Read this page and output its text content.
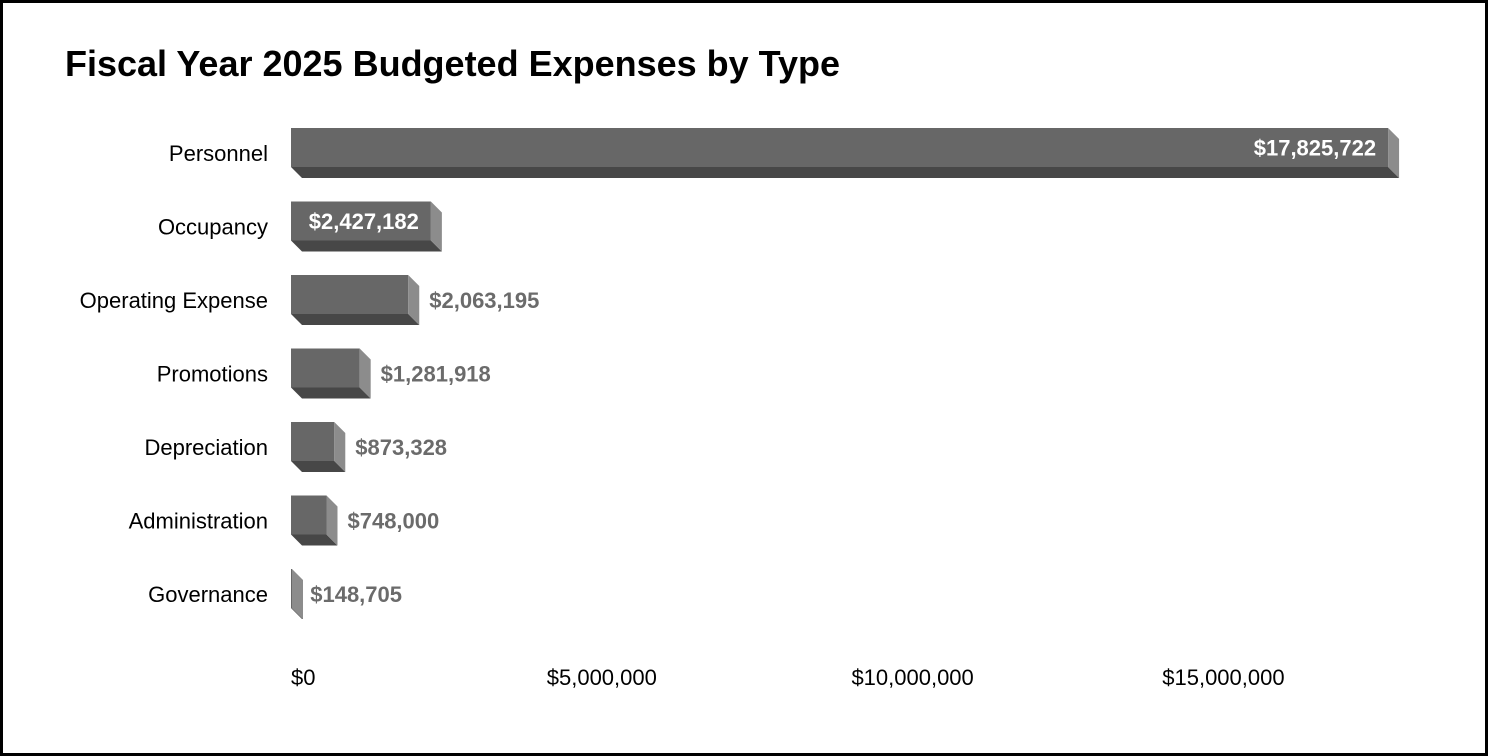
Fiscal Year 2025 Budgeted Expenses by Type
Personnel	$17,825,722
Occupancy $2,427,182
Operating Expense	$2,063,195
Promotions	$1,281,918
Depreciation	$873,328
Administration	$748,000
Governance $148,705
$0	$5,000,000	$10,000,000	$15,000,000
